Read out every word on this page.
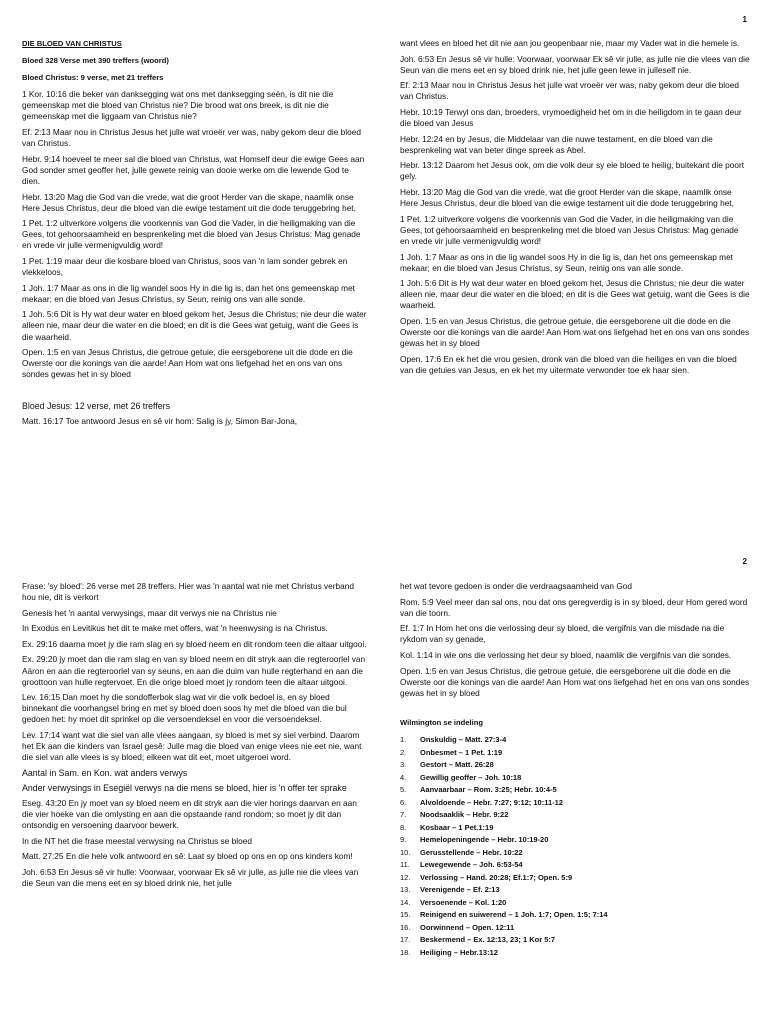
1
DIE BLOED VAN CHRISTUS
Bloed 328 Verse met 390 treffers (woord)
Bloed Christus: 9 verse, met 21 treffers
1 Kor. 10:16 die beker van danksegging wat ons met danksegging seën, is dit nie die gemeenskap met die bloed van Christus nie? Die brood wat ons breek, is dit nie die gemeenskap met die liggaam van Christus nie?
Ef. 2:13 Maar nou in Christus Jesus het julle wat vroeër ver was, naby gekom deur die bloed van Christus.
Hebr. 9:14 hoeveel te meer sal die bloed van Christus, wat Homself deur die ewige Gees aan God sonder smet geoffer het, julle gewete reinig van dooie werke om die lewende God te dien.
Hebr. 13:20 Mag die God van die vrede, wat die groot Herder van die skape, naamlik onse Here Jesus Christus, deur die bloed van die ewige testament uit die dode teruggebring het,
1 Pet. 1:2 uitverkore volgens die voorkennis van God die Vader, in die heiligmaking van die Gees, tot gehoorsaamheid en besprenkeling met die bloed van Jesus Christus: Mag genade en vrede vir julle vermenigvuldig word!
1 Pet. 1:19 maar deur die kosbare bloed van Christus, soos van 'n lam sonder gebrek en vlekkeloos,
1 Joh. 1:7 Maar as ons in die lig wandel soos Hy in die lig is, dan het ons gemeenskap met mekaar; en die bloed van Jesus Christus, sy Seun, reinig ons van alle sonde.
1 Joh. 5:6 Dit is Hy wat deur water en bloed gekom het, Jesus die Christus; nie deur die water alleen nie, maar deur die water en die bloed; en dit is die Gees wat getuig, want die Gees is die waarheid.
Open. 1:5 en van Jesus Christus, die getroue getuie, die eersgeborene uit die dode en die Owerste oor die konings van die aarde! Aan Hom wat ons liefgehad het en ons van ons sondes gewas het in sy bloed
Bloed Jesus: 12 verse, met 26 treffers
Matt. 16:17 Toe antwoord Jesus en sê vir hom: Salig is jy, Simon Bar-Jona,
want vlees en bloed het dit nie aan jou geopenbaar nie, maar my Vader wat in die hemele is.
Joh. 6:53 En Jesus sê vir hulle: Voorwaar, voorwaar Ek sê vir julle, as julle nie die vlees van die Seun van die mens eet en sy bloed drink nie, het julle geen lewe in julleself nie.
Ef. 2:13 Maar nou in Christus Jesus het julle wat vroeër ver was, naby gekom deur die bloed van Christus.
Hebr. 10:19 Terwyl ons dan, broeders, vrymoedigheid het om in die heiligdom in te gaan deur die bloed van Jesus
Hebr. 12:24 en by Jesus, die Middelaar van die nuwe testament, en die bloed van die besprenkeling wat van beter dinge spreek as Abel.
Hebr. 13:12 Daarom het Jesus ook, om die volk deur sy eie bloed te heilig, buitekant die poort gely.
Hebr. 13:20 Mag die God van die vrede, wat die groot Herder van die skape, naamlik onse Here Jesus Christus, deur die bloed van die ewige testament uit die dode teruggebring het,
1 Pet. 1:2 uitverkore volgens die voorkennis van God die Vader, in die heiligmaking van die Gees, tot gehoorsaamheid en besprenkeling met die bloed van Jesus Christus: Mag genade en vrede vir julle vermenigvuldig word!
1 Joh. 1:7 Maar as ons in die lig wandel soos Hy in die lig is, dan het ons gemeenskap met mekaar; en die bloed van Jesus Christus, sy Seun, reinig ons van alle sonde.
1 Joh. 5:6 Dit is Hy wat deur water en bloed gekom het, Jesus die Christus; nie deur die water alleen nie, maar deur die water en die bloed; en dit is die Gees wat getuig, want die Gees is die waarheid.
Open. 1:5 en van Jesus Christus, die getroue getuie, die eersgeborene uit die dode en die Owerste oor die konings van die aarde! Aan Hom wat ons liefgehad het en ons van ons sondes gewas het in sy bloed
Open. 17:6 En ek het die vrou gesien, dronk van die bloed van die heiliges en van die bloed van die getuies van Jesus, en ek het my uitermate verwonder toe ek haar sien.
2
Frase: 'sy bloed': 26 verse met 28 treffers. Hier was 'n aantal wat nie met Christus verband hou nie, dit is verkort
Genesis het 'n aantal verwysings, maar dit verwys nie na Christus nie
In Exodus en Levitikus het dit te make met offers, wat 'n heenwysing is na Christus.
Ex. 29:16 daarna moet jy die ram slag en sy bloed neem en dit rondom teen die altaar uitgooi.
Ex. 29:20 jy moet dan die ram slag en van sy bloed neem en dit stryk aan die regteroorlel van Aäron en aan die regteroorlel van sy seuns, en aan die duim van hulle regterhand en aan die groottoon van hulle regtervoet. En die orige bloed moet jy rondom teen die altaar uitgooi.
Lev. 16:15 Dan moet hy die sondofferbok slag wat vir die volk bedoel is, en sy bloed binnekant die voorhangsel bring en met sy bloed doen soos hy met die bloed van die bul gedoen het: hy moet dit sprinkel op die versoendeksel en voor die versoendeksel.
Lev. 17:14 want wat die siel van alle vlees aangaan, sy bloed is met sy siel verbind. Daarom het Ek aan die kinders van Israel gesê: Julle mag die bloed van enige vlees nie eet nie, want die siel van alle vlees is sy bloed; elkeen wat dit eet, moet uitgeroei word.
Aantal in Sam. en Kon. wat anders verwys
Ander verwysings in Esegiël verwys na die mens se bloed, hier is 'n offer ter sprake
Eseg. 43:20 En jy moet van sy bloed neem en dit stryk aan die vier horings daarvan en aan die vier hoeke van die omlysting en aan die opstaande rand rondom; so moet jy dit dan ontsondig en versoening daarvoor bewerk.
In die NT het die frase meestal verwysing na Christus se bloed
Matt. 27:25 En die hele volk antwoord en sê: Laat sy bloed op ons en op ons kinders kom!
Joh. 6:53 En Jesus sê vir hulle: Voorwaar, voorwaar Ek sê vir julle, as julle nie die vlees van die Seun van die mens eet en sy bloed drink nie, het julle
het wat tevore gedoen is onder die verdraagsaamheid van God
Rom. 5:9 Veel meer dan sal ons, nou dat ons geregverdig is in sy bloed, deur Hom gered word van die toorn.
Ef. 1:7 In Hom het ons die verlossing deur sy bloed, die vergifnis van die misdade na die rykdom van sy genade,
Kol. 1:14 in wie ons die verlossing het deur sy bloed, naamlik die vergifnis van die sondes.
Open. 1:5 en van Jesus Christus, die getroue getuie, die eersgeborene uit die dode en die Owerste oor die konings van die aarde! Aan Hom wat ons liefgehad het en ons van ons sondes gewas het in sy bloed
Wilmington se indeling
1.	Onskuldig – Matt. 27:3-4
2.	Onbesmet – 1 Pet. 1:19
3.	Gestort – Matt. 26:28
4.	Gewillig geoffer – Joh. 10:18
5.	Aanvaarbaar – Rom. 3:25; Hebr. 10:4-5
6.	Alvoldoende – Hebr. 7:27; 9:12; 10:11-12
7.	Noodsaaklik – Hebr. 9:22
8.	Kosbaar – 1 Pet.1:19
9.	Hemelopeningende – Hebr. 10:19-20
10.	Gerusstellende – Hebr. 10:22
11.	Lewegewende – Joh. 6:53-54
12.	Verlossing – Hand. 20:28; Ef.1:7; Open. 5:9
13.	Verenigende – Ef. 2:13
14.	Versoenende – Kol. 1:20
15.	Reinigend en suiwerend – 1 Joh. 1:7; Open. 1:5; 7:14
16.	Oorwinnend – Open. 12:11
17.	Beskermend – Ex. 12:13, 23; 1 Kor 5:7
18.	Heiliging – Hebr.13:12
